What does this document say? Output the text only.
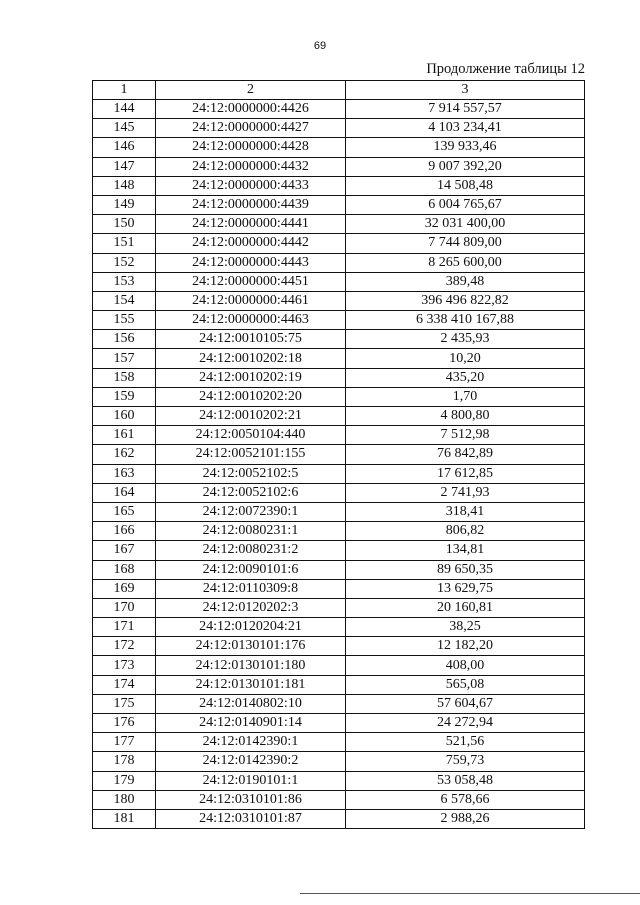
69
Продолжение таблицы 12
1	2	3
144	24:12:0000000:4426	7 914 557,57
145	24:12:0000000:4427	4 103 234,41
146	24:12:0000000:4428	139 933,46
147	24:12:0000000:4432	9 007 392,20
148	24:12:0000000:4433	14 508,48
149	24:12:0000000:4439	6 004 765,67
150	24:12:0000000:4441	32 031 400,00
151	24:12:0000000:4442	7 744 809,00
152	24:12:0000000:4443	8 265 600,00
153	24:12:0000000:4451	389,48
154	24:12:0000000:4461	396 496 822,82
155	24:12:0000000:4463	6 338 410 167,88
156	24:12:0010105:75	2 435,93
157	24:12:0010202:18	10,20
158	24:12:0010202:19	435,20
159	24:12:0010202:20	1,70
160	24:12:0010202:21	4 800,80
161	24:12:0050104:440	7 512,98
162	24:12:0052101:155	76 842,89
163	24:12:0052102:5	17 612,85
164	24:12:0052102:6	2 741,93
165	24:12:0072390:1	318,41
166	24:12:0080231:1	806,82
167	24:12:0080231:2	134,81
168	24:12:0090101:6	89 650,35
169	24:12:0110309:8	13 629,75
170	24:12:0120202:3	20 160,81
171	24:12:0120204:21	38,25
172	24:12:0130101:176	12 182,20
173	24:12:0130101:180	408,00
174	24:12:0130101:181	565,08
175	24:12:0140802:10	57 604,67
176	24:12:0140901:14	24 272,94
177	24:12:0142390:1	521,56
178	24:12:0142390:2	759,73
179	24:12:0190101:1	53 058,48
180	24:12:0310101:86	6 578,66
181	24:12:0310101:87	2 988,26
